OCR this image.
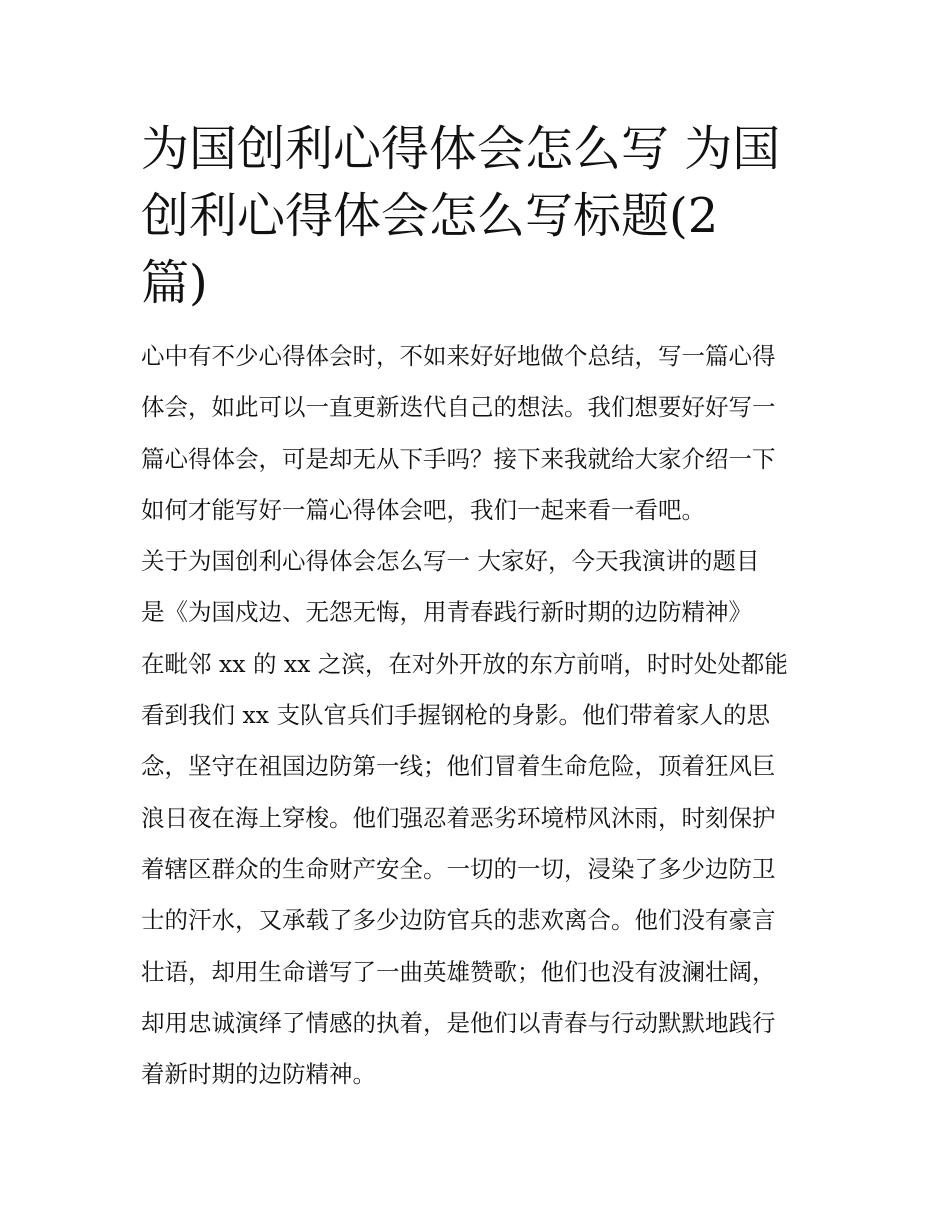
为国创利心得体会怎么写 为国
创利心得体会怎么写标题(2
篇)
心中有不少心得体会时，不如来好好地做个总结，写一篇心得
体会，如此可以一直更新迭代自己的想法。我们想要好好写一
篇心得体会，可是却无从下手吗？接下来我就给大家介绍一下
如何才能写好一篇心得体会吧，我们一起来看一看吧。
关于为国创利心得体会怎么写一 大家好，今天我演讲的题目
是《为国戍边、无怨无悔，用青春践行新时期的边防精神》
在毗邻 xx 的 xx 之滨，在对外开放的东方前哨，时时处处都能
看到我们 xx 支队官兵们手握钢枪的身影。他们带着家人的思
念，坚守在祖国边防第一线；他们冒着生命危险，顶着狂风巨
浪日夜在海上穿梭。他们强忍着恶劣环境栉风沐雨，时刻保护
着辖区群众的生命财产安全。一切的一切，浸染了多少边防卫
士的汗水，又承载了多少边防官兵的悲欢离合。他们没有豪言
壮语，却用生命谱写了一曲英雄赞歌；他们也没有波澜壮阔，
却用忠诚演绎了情感的执着，是他们以青春与行动默默地践行
着新时期的边防精神。
